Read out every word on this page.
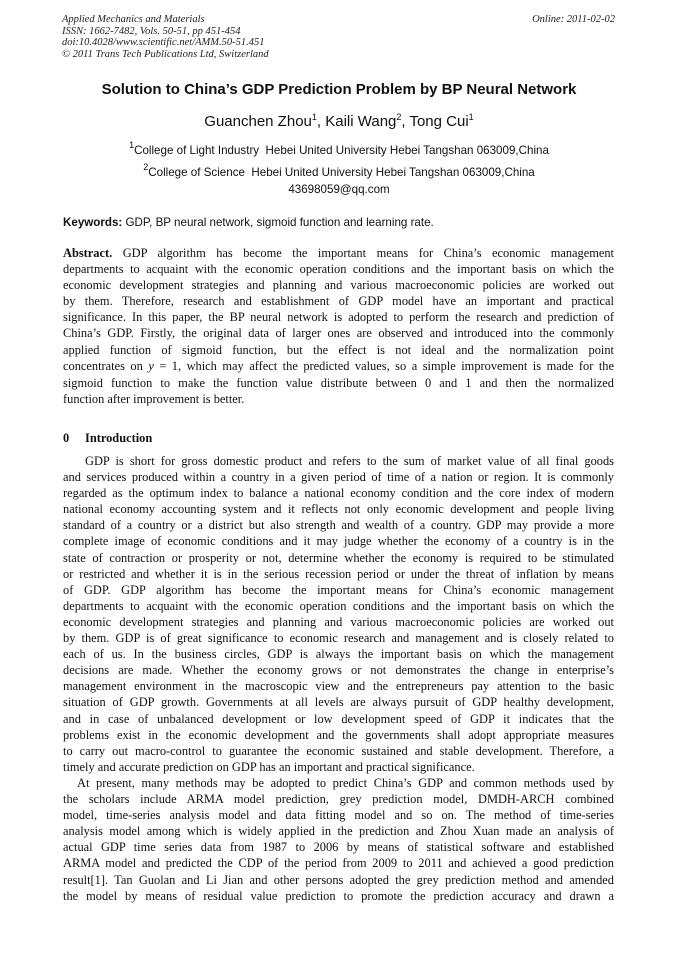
Applied Mechanics and Materials
ISSN: 1662-7482, Vols. 50-51, pp 451-454
doi:10.4028/www.scientific.net/AMM.50-51.451
© 2011 Trans Tech Publications Ltd, Switzerland
Online: 2011-02-02
Solution to China’s GDP Prediction Problem by BP Neural Network
Guanchen Zhou$^1$, Kaili Wang$^2$, Tong Cui$^1$
$^1$College of Light Industry  Hebei United University Hebei Tangshan 063009,China
$^2$College of Science  Hebei United University Hebei Tangshan 063009,China
43698059@qq.com
Keywords: GDP, BP neural network, sigmoid function and learning rate.
Abstract. GDP algorithm has become the important means for China’s economic management
departments to acquaint with the economic operation conditions and the important basis on which the
economic development strategies and planning and various macroeconomic policies are worked out
by them. Therefore, research and establishment of GDP model have an important and practical
significance. In this paper, the BP neural network is adopted to perform the research and prediction of
China’s GDP. Firstly, the original data of larger ones are observed and introduced into the commonly
applied function of sigmoid function, but the effect is not ideal and the normalization point
concentrates on y = 1, which may affect the predicted values, so a simple improvement is made for the
sigmoid function to make the function value distribute between 0 and 1 and then the normalized
function after improvement is better.
0 Introduction
GDP is short for gross domestic product and refers to the sum of market value of all final goods
and services produced within a country in a given period of time of a nation or region. It is commonly
regarded as the optimum index to balance a national economy condition and the core index of modern
national economy accounting system and it reflects not only economic development and people living
standard of a country or a district but also strength and wealth of a country. GDP may provide a more
complete image of economic conditions and it may judge whether the economy of a country is in the
state of contraction or prosperity or not, determine whether the economy is required to be stimulated
or restricted and whether it is in the serious recession period or under the threat of inflation by means
of GDP. GDP algorithm has become the important means for China’s economic management
departments to acquaint with the economic operation conditions and the important basis on which the
economic development strategies and planning and various macroeconomic policies are worked out
by them. GDP is of great significance to economic research and management and is closely related to
each of us. In the business circles, GDP is always the important basis on which the management
decisions are made. Whether the economy grows or not demonstrates the change in enterprise’s
management environment in the macroscopic view and the entrepreneurs pay attention to the basic
situation of GDP growth. Governments at all levels are always pursuit of GDP healthy development,
and in case of unbalanced development or low development speed of GDP it indicates that the
problems exist in the economic development and the governments shall adopt appropriate measures
to carry out macro-control to guarantee the economic sustained and stable development. Therefore, a
timely and accurate prediction on GDP has an important and practical significance.
At present, many methods may be adopted to predict China’s GDP and common methods used by
the scholars include ARMA model prediction, grey prediction model, DMDH-ARCH combined
model, time-series analysis model and data fitting model and so on. The method of time-series
analysis model among which is widely applied in the prediction and Zhou Xuan made an analysis of
actual GDP time series data from 1987 to 2006 by means of statistical software and established
ARMA model and predicted the CDP of the period from 2009 to 2011 and achieved a good prediction
result[1]. Tan Guolan and Li Jian and other persons adopted the grey prediction method and amended
the model by means of residual value prediction to promote the prediction accuracy and drawn a
